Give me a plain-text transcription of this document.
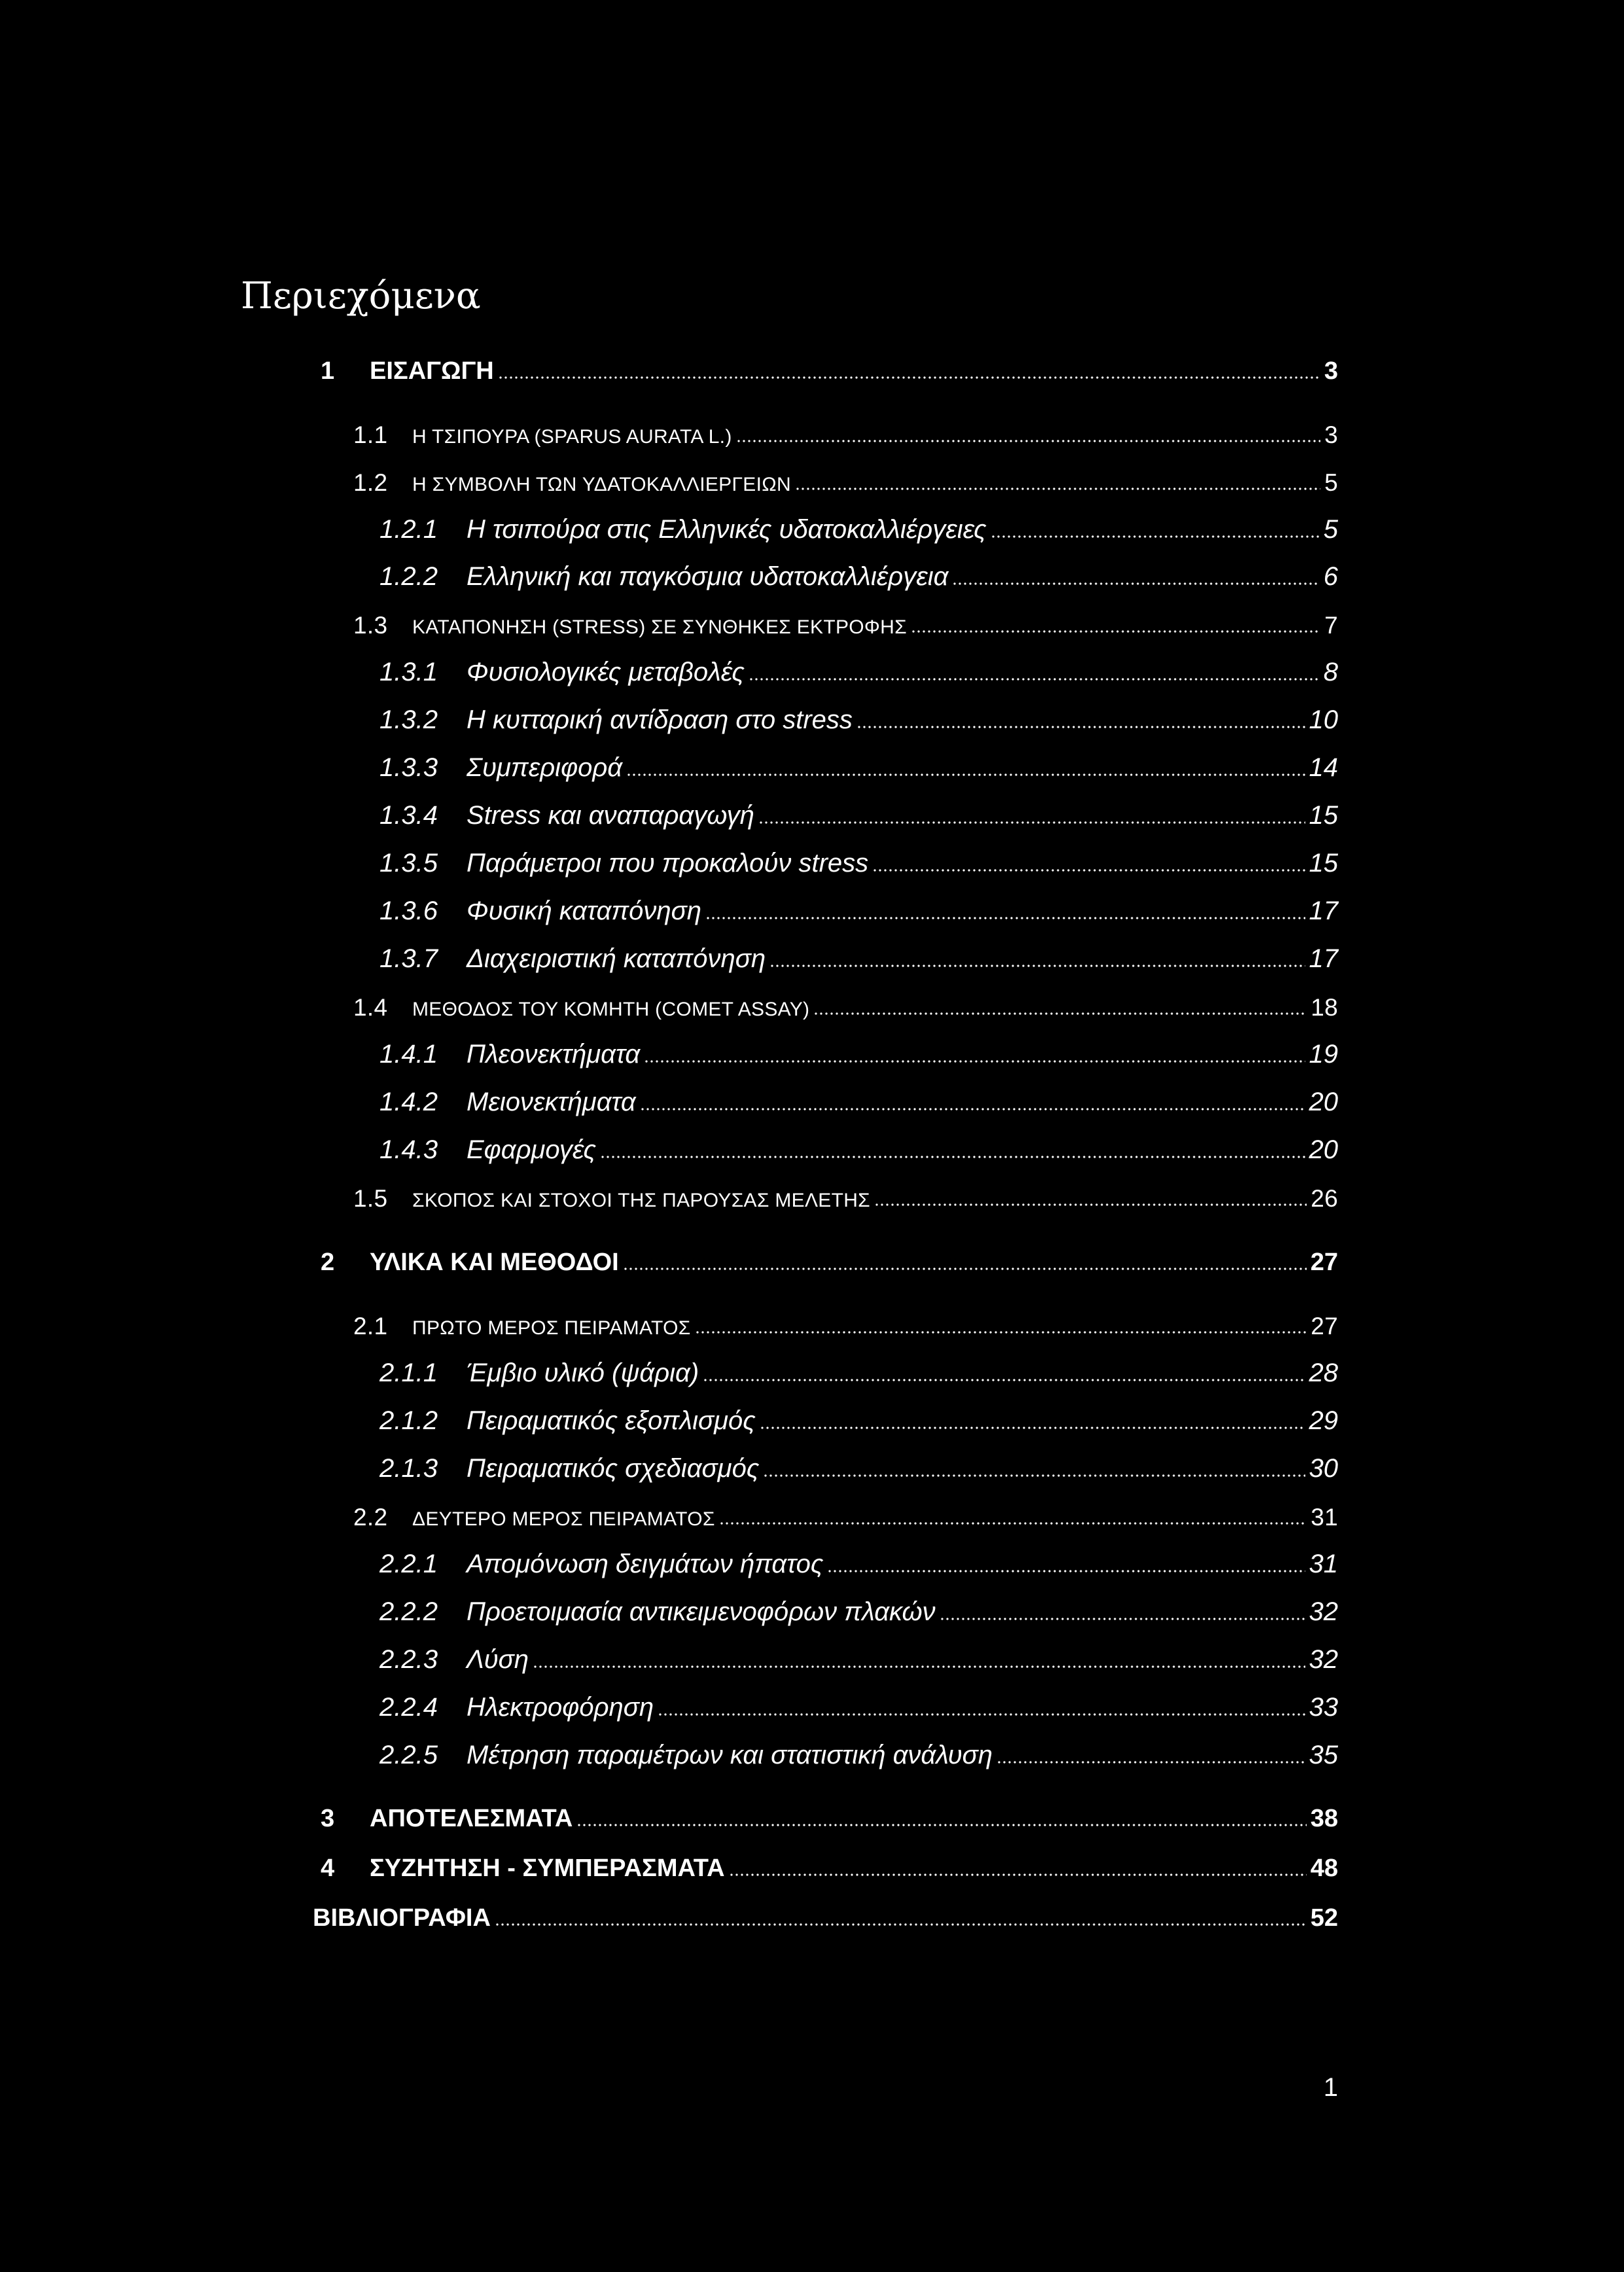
Περιεχόμενα
1	ΕΙΣΑΓΩΓΗ	3
1.1	Η ΤΣΙΠΟΥΡΑ (SPARUS AURATA L.)	3
1.2	Η ΣΥΜΒΟΛΗ ΤΩΝ ΥΔΑΤΟΚΑΛΛΙΕΡΓΕΙΩΝ	5
1.2.1	Η τσιπούρα στις Ελληνικές υδατοκαλλιέργειες	5
1.2.2	Ελληνική και παγκόσμια υδατοκαλλιέργεια	6
1.3	ΚΑΤΑΠΟΝΗΣΗ (STRESS) ΣΕ ΣΥΝΘΗΚΕΣ ΕΚΤΡΟΦΗΣ	7
1.3.1	Φυσιολογικές μεταβολές	8
1.3.2	Η κυτταρική αντίδραση στο stress	10
1.3.3	Συμπεριφορά	14
1.3.4	Stress και αναπαραγωγή	15
1.3.5	Παράμετροι που προκαλούν stress	15
1.3.6	Φυσική καταπόνηση	17
1.3.7	Διαχειριστική καταπόνηση	17
1.4	ΜΕΘΟΔΟΣ ΤΟΥ ΚΟΜΗΤΗ (COMET ASSAY)	18
1.4.1	Πλεονεκτήματα	19
1.4.2	Μειονεκτήματα	20
1.4.3	Εφαρμογές	20
1.5	ΣΚΟΠΟΣ ΚΑΙ ΣΤΟΧΟΙ ΤΗΣ ΠΑΡΟΥΣΑΣ ΜΕΛΕΤΗΣ	26
2	ΥΛΙΚΑ ΚΑΙ ΜΕΘΟΔΟΙ	27
2.1	ΠΡΩΤΟ ΜΕΡΟΣ ΠΕΙΡΑΜΑΤΟΣ	27
2.1.1	Έμβιο υλικό (ψάρια)	28
2.1.2	Πειραματικός εξοπλισμός	29
2.1.3	Πειραματικός σχεδιασμός	30
2.2	ΔΕΥΤΕΡΟ ΜΕΡΟΣ ΠΕΙΡΑΜΑΤΟΣ	31
2.2.1	Απομόνωση δειγμάτων ήπατος	31
2.2.2	Προετοιμασία αντικειμενοφόρων πλακών	32
2.2.3	Λύση	32
2.2.4	Ηλεκτροφόρηση	33
2.2.5	Μέτρηση παραμέτρων και στατιστική ανάλυση	35
3	ΑΠΟΤΕΛΕΣΜΑΤΑ	38
4	ΣΥΖΗΤΗΣΗ - ΣΥΜΠΕΡΑΣΜΑΤΑ	48
ΒΙΒΛΙΟΓΡΑΦΙΑ	52
1
